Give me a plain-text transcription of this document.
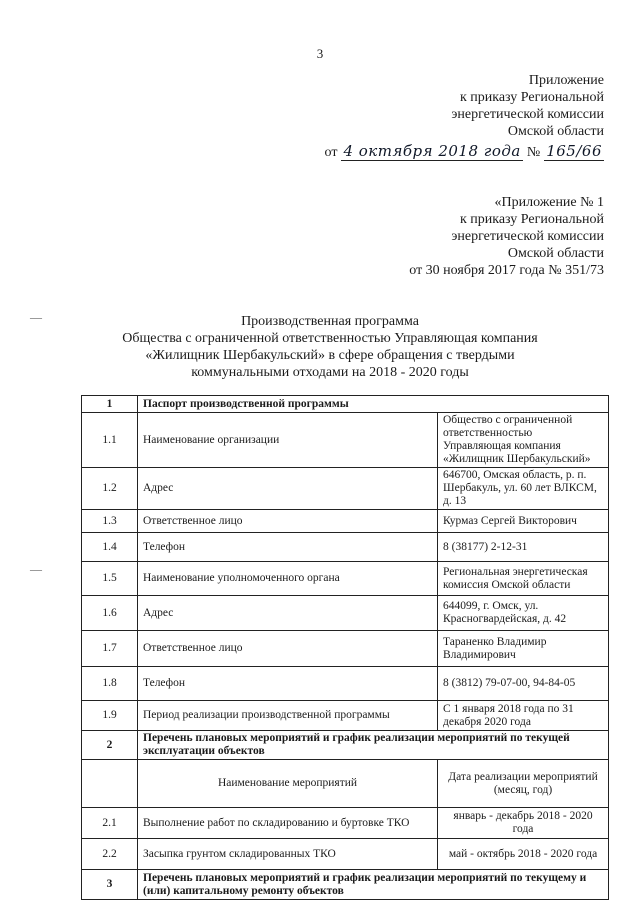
3
Приложение
к приказу Региональной
энергетической комиссии
Омской области
от 4 октября 2018 года № 165/66
«Приложение № 1
к приказу Региональной
энергетической комиссии
Омской области
от 30 ноября 2017 года № 351/73
Производственная программа
Общества с ограниченной ответственностью Управляющая компания
«Жилищник Шербакульский» в сфере обращения с твердыми
коммунальными отходами на 2018 - 2020 годы
—
—
1	Паспорт производственной программы	
1.1	Наименование организации	Общество с ограниченной ответственностью Управляющая компания «Жилищник Шербакульский»
1.2	Адрес	646700, Омская область, р. п. Шербакуль, ул. 60 лет ВЛКСМ, д. 13
1.3	Ответственное лицо	Курмаз Сергей Викторович
1.4	Телефон	8 (38177) 2-12-31
1.5	Наименование уполномоченного органа	Региональная энергетическая комиссия Омской области
1.6	Адрес	644099, г. Омск, ул. Красногвардейская, д. 42
1.7	Ответственное лицо	Тараненко Владимир Владимирович
1.8	Телефон	8 (3812) 79-07-00, 94-84-05
1.9	Период реализации производственной программы	С 1 января 2018 года по 31 декабря 2020 года
2	Перечень плановых мероприятий и график реализации мероприятий по текущей эксплуатации объектов	
	Наименование мероприятий	Дата реализации мероприятий (месяц, год)
2.1	Выполнение работ по складированию и буртовке ТКО	январь - декабрь 2018 - 2020 года
2.2	Засыпка грунтом складированных ТКО	май - октябрь 2018 - 2020 года
3	Перечень плановых мероприятий и график реализации мероприятий по текущему и (или) капитальному ремонту объектов	
